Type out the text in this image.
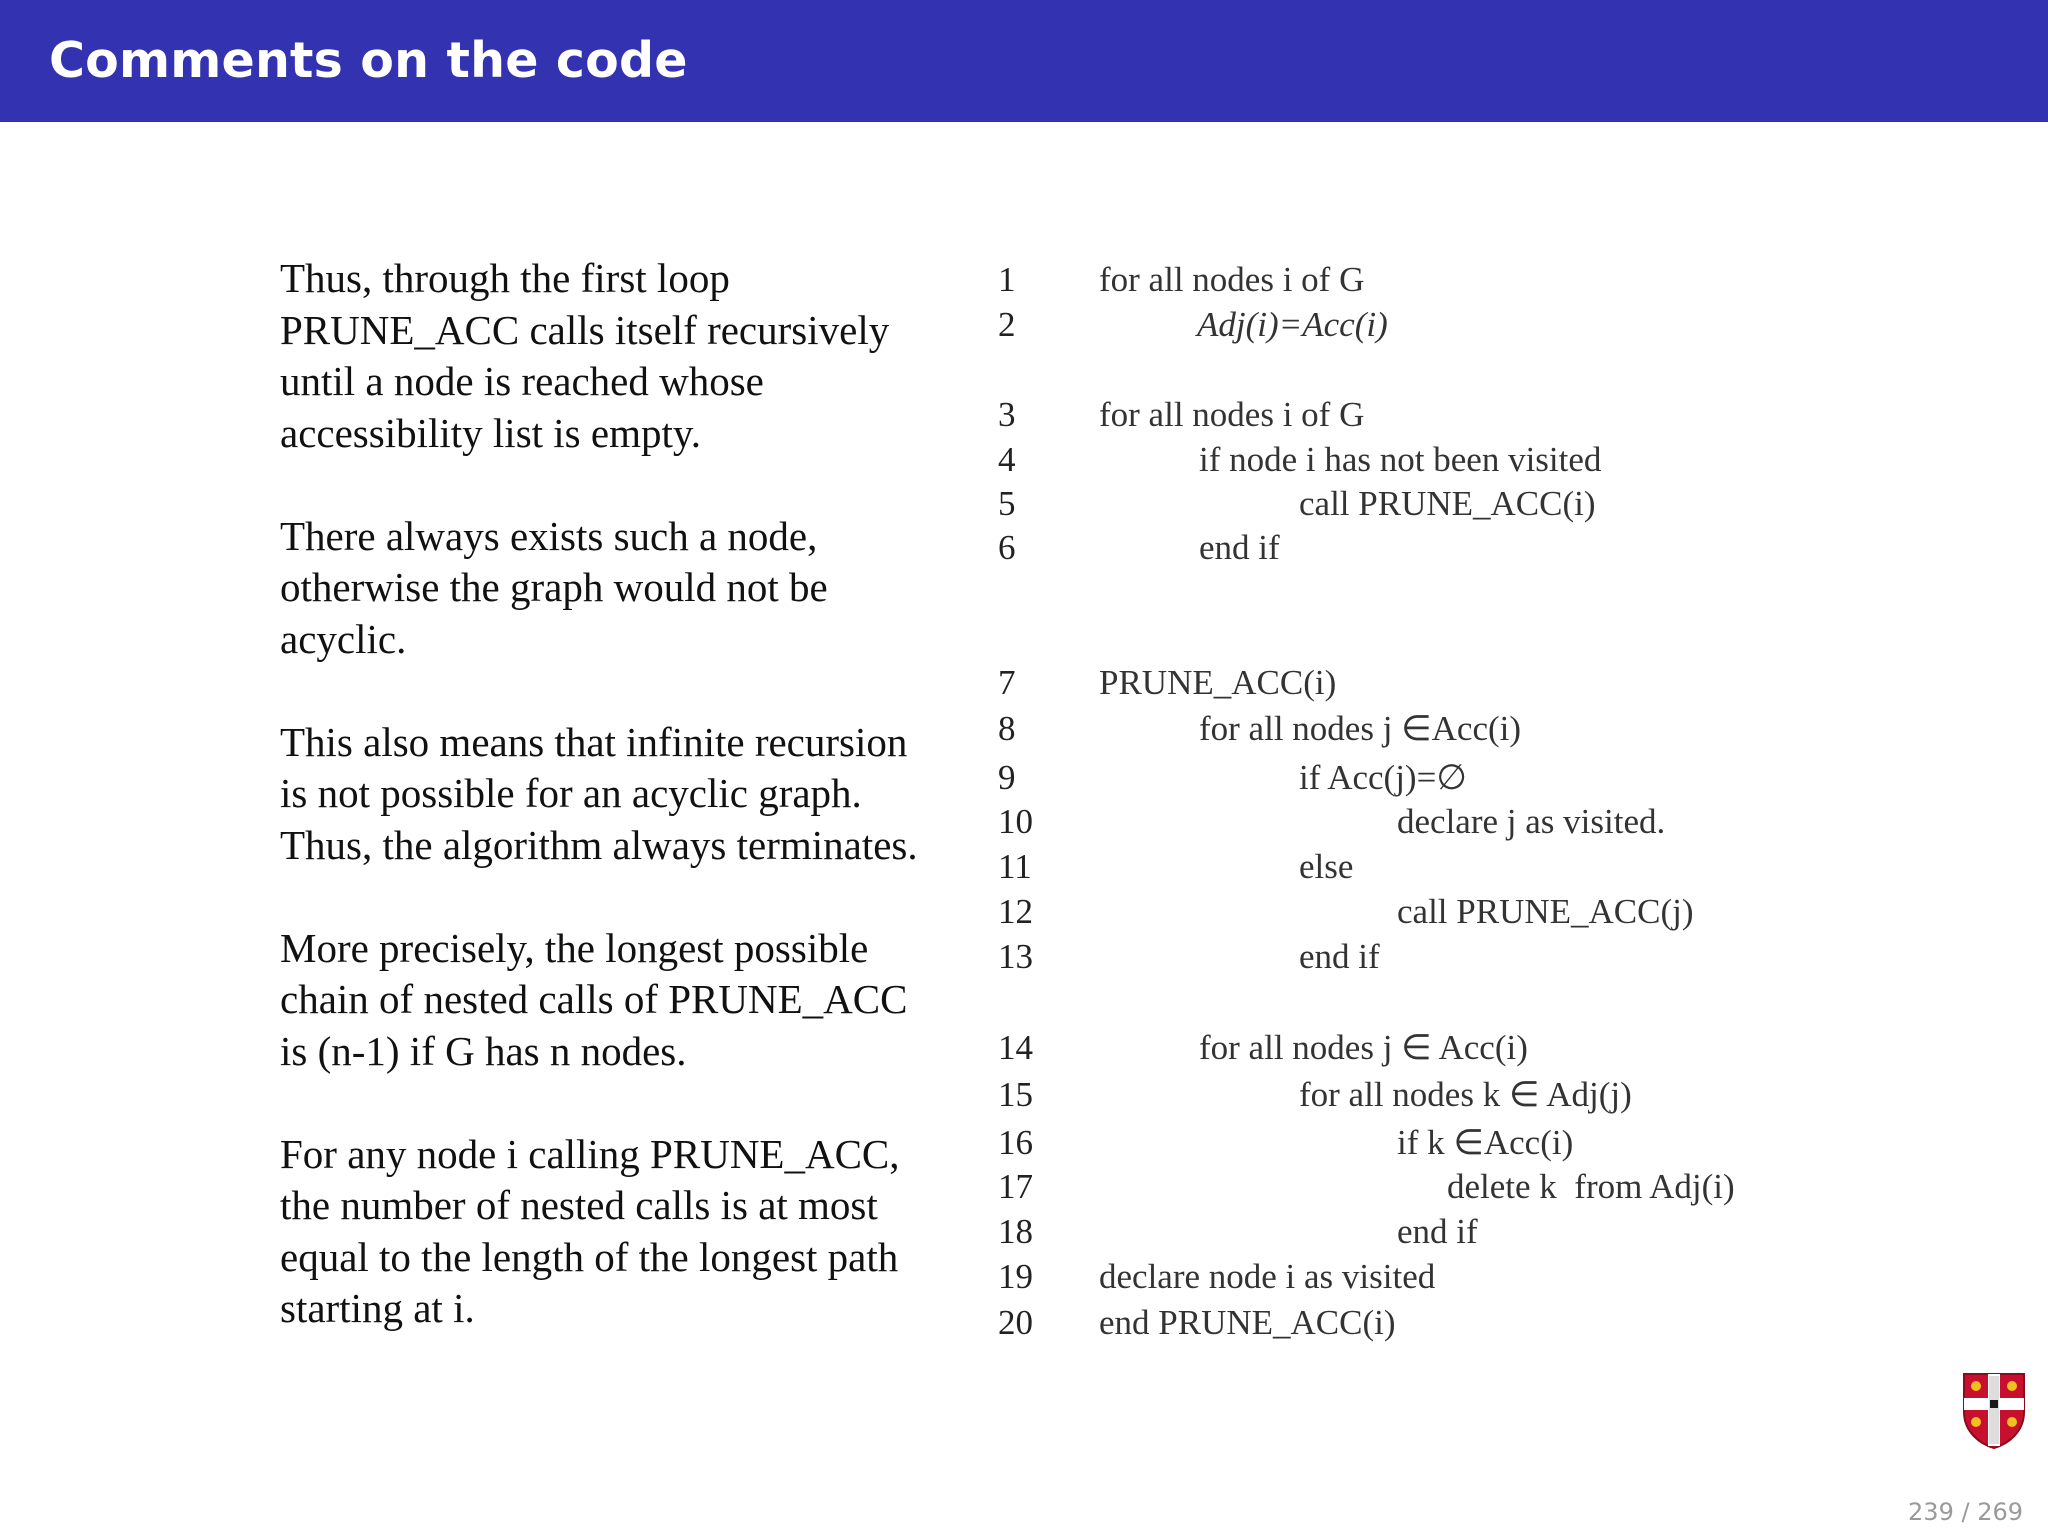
Comments on the code

Thus, through the first loop
PRUNE_ACC calls itself recursively
until a node is reached whose
accessibility list is empty.

There always exists such a node,
otherwise the graph would not be
acyclic.

This also means that infinite recursion
is not possible for an acyclic graph.
Thus, the algorithm always terminates.

More precisely, the longest possible
chain of nested calls of PRUNE_ACC
is (n-1) if G has n nodes.

For any node i calling PRUNE_ACC,
the number of nested calls is at most
equal to the length of the longest path
starting at i.

1	for all nodes i of G
2	Adj(i)=Acc(i)
3	for all nodes i of G
4	if node i has not been visited
5	call PRUNE_ACC(i)
6	end if
7	PRUNE_ACC(i)
8	for all nodes j ∈Acc(i)
9	if Acc(j)=∅
10	declare j as visited.
11	else
12	call PRUNE_ACC(j)
13	end if
14	for all nodes j ∈ Acc(i)
15	for all nodes k ∈ Adj(j)
16	if k ∈Acc(i)
17	delete k  from Adj(i)
18	end if
19	declare node i as visited
20	end PRUNE_ACC(i)
239 / 269
